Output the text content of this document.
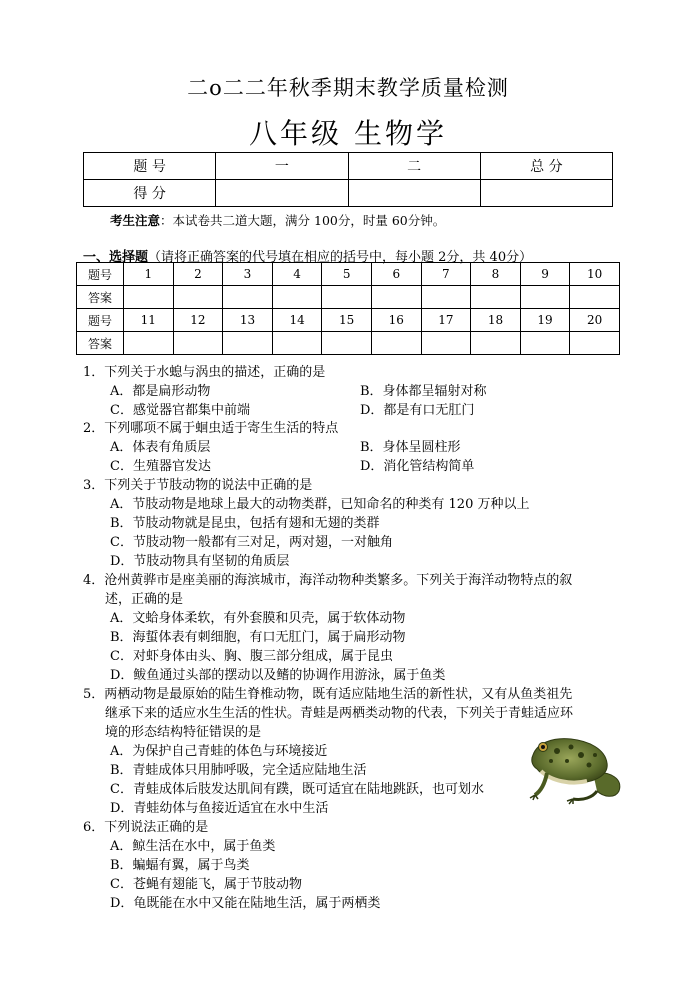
二o二二年秋季期末教学质量检测
八年级 生物学
题 号	一	二	总 分
得 分			
考生注意：本试卷共二道大题，满分 100分，时量 60分钟。
一、选择题（请将正确答案的代号填在相应的括号中，每小题 2分，共 40分）
题号	1	2	3	4	5	6	7	8	9	10
答案										
题号	11	12	13	14	15	16	17	18	19	20
答案										
1．下列关于水螅与涡虫的描述，正确的是
A．都是扁形动物	B．身体都呈辐射对称
C．感觉器官都集中前端	D．都是有口无肛门
2．下列哪项不属于蛔虫适于寄生生活的特点
A．体表有角质层	B．身体呈圆柱形
C．生殖器官发达	D．消化管结构简单
3．下列关于节肢动物的说法中正确的是
A．节肢动物是地球上最大的动物类群，已知命名的种类有 120 万种以上
B．节肢动物就是昆虫，包括有翅和无翅的类群
C．节肢动物一般都有三对足，两对翅，一对触角
D．节肢动物具有坚韧的角质层
4．沧州黄骅市是座美丽的海滨城市，海洋动物种类繁多。下列关于海洋动物特点的叙
述，正确的是
A．文蛤身体柔软，有外套膜和贝壳，属于软体动物
B．海蜇体表有刺细胞，有口无肛门，属于扁形动物
C．对虾身体由头、胸、腹三部分组成，属于昆虫
D．鲅鱼通过头部的摆动以及鳍的协调作用游泳，属于鱼类
5．两栖动物是最原始的陆生脊椎动物，既有适应陆地生活的新性状，又有从鱼类祖先
继承下来的适应水生生活的性状。青蛙是两栖类动物的代表，下列关于青蛙适应环
境的形态结构特征错误的是
A．为保护自己青蛙的体色与环境接近
B．青蛙成体只用肺呼吸，完全适应陆地生活
C．青蛙成体后肢发达肌间有蹼，既可适宜在陆地跳跃，也可划水
D．青蛙幼体与鱼接近适宜在水中生活
6．下列说法正确的是
A．鲸生活在水中，属于鱼类
B．蝙蝠有翼，属于鸟类
C．苍蝇有翅能飞，属于节肢动物
D．龟既能在水中又能在陆地生活，属于两栖类
